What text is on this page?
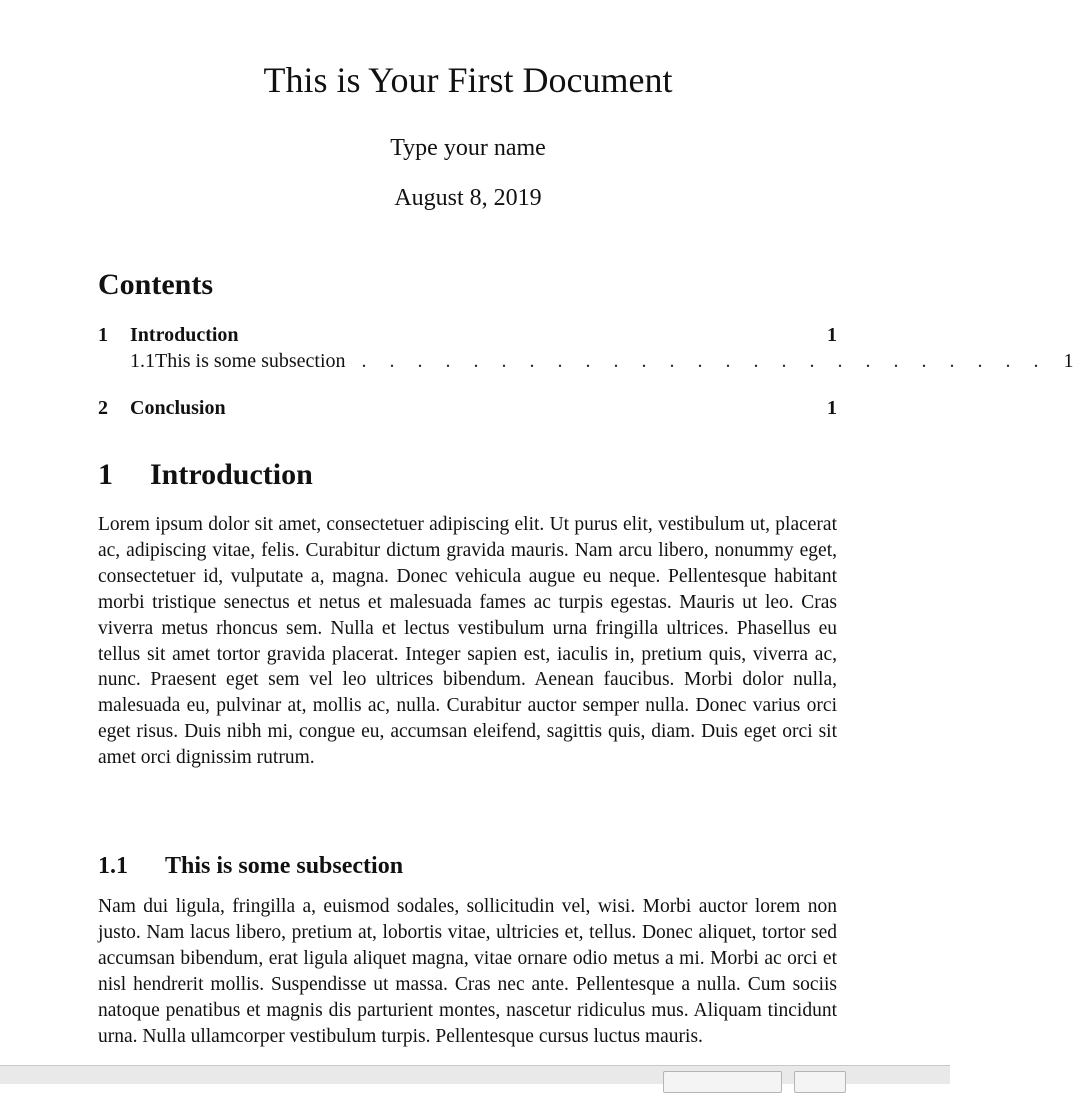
This is Your First Document
Type your name
August 8, 2019
Contents
1	Introduction	1
1.1 This is some subsection . . . . . . . . . . . . . . . . . . . . . . . . . 1
2	Conclusion	1
1 Introduction

Lorem ipsum dolor sit amet, consectetuer adipiscing elit. Ut purus elit, vestibulum ut, placerat ac, adipiscing vitae, felis. Curabitur dictum gravida mauris. Nam arcu libero, nonummy eget, consectetuer id, vulputate a, magna. Donec vehicula augue eu neque. Pellentesque habitant morbi tristique senectus et netus et malesuada fames ac turpis egestas. Mauris ut leo. Cras viverra metus rhoncus sem. Nulla et lectus vestibulum urna fringilla ultrices. Phasellus eu tellus sit amet tortor gravida placerat. Integer sapien est, iaculis in, pretium quis, viverra ac, nunc. Praesent eget sem vel leo ultrices bibendum. Aenean faucibus. Morbi dolor nulla, malesuada eu, pulvinar at, mollis ac, nulla. Curabitur auctor semper nulla. Donec varius orci eget risus. Duis nibh mi, congue eu, accumsan eleifend, sagittis quis, diam. Duis eget orci sit amet orci dignissim rutrum.

1.1 This is some subsection

Nam dui ligula, fringilla a, euismod sodales, sollicitudin vel, wisi. Morbi auctor lorem non justo. Nam lacus libero, pretium at, lobortis vitae, ultricies et, tellus. Donec aliquet, tortor sed accumsan bibendum, erat ligula aliquet magna, vitae ornare odio metus a mi. Morbi ac orci et nisl hendrerit mollis. Suspendisse ut massa. Cras nec ante. Pellentesque a nulla. Cum sociis natoque penatibus et magnis dis parturient montes, nascetur ridiculus mus. Aliquam tincidunt urna. Nulla ullamcorper vestibulum turpis. Pellentesque cursus luctus mauris.
